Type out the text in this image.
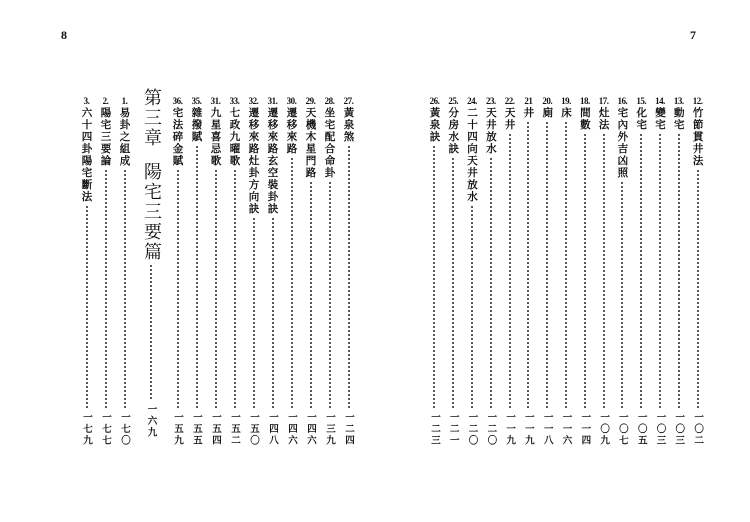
8
27.
黃泉煞
一二四
28.
坐宅配合命卦
一三九
29.
天機木星門路
一四六
30.
遷移來路
一四六
31.
遷移來路玄空裝卦訣
一四八
32.
遷移來路灶卦方向訣
一五〇
33.
七政九曜歌
一五二
31.
九星喜忌歌
一五四
35.
雜撥賦
一五五
36.
宅法碎金賦
一五九
第三章
陽宅三要篇
一六九
1.
易卦之組成
一七〇
2.
陽宅三要論
一七七
3.
六十四卦陽宅斷法
一七九
7
12.
竹節貫井法
一〇二
13.
動宅
一〇三
14.
變宅
一〇三
15.
化宅
一〇五
16.
宅內外吉凶照
一〇七
17.
灶法
一〇九
18.
間數
一一四
19.
床
一一六
20.
廁
一一八
21
井
一一九
22.
天井
一一九
23.
天井放水
一二〇
24.
二十四向天井放水
一二〇
25.
分房水訣
一二一
26.
黃泉訣
一二三
